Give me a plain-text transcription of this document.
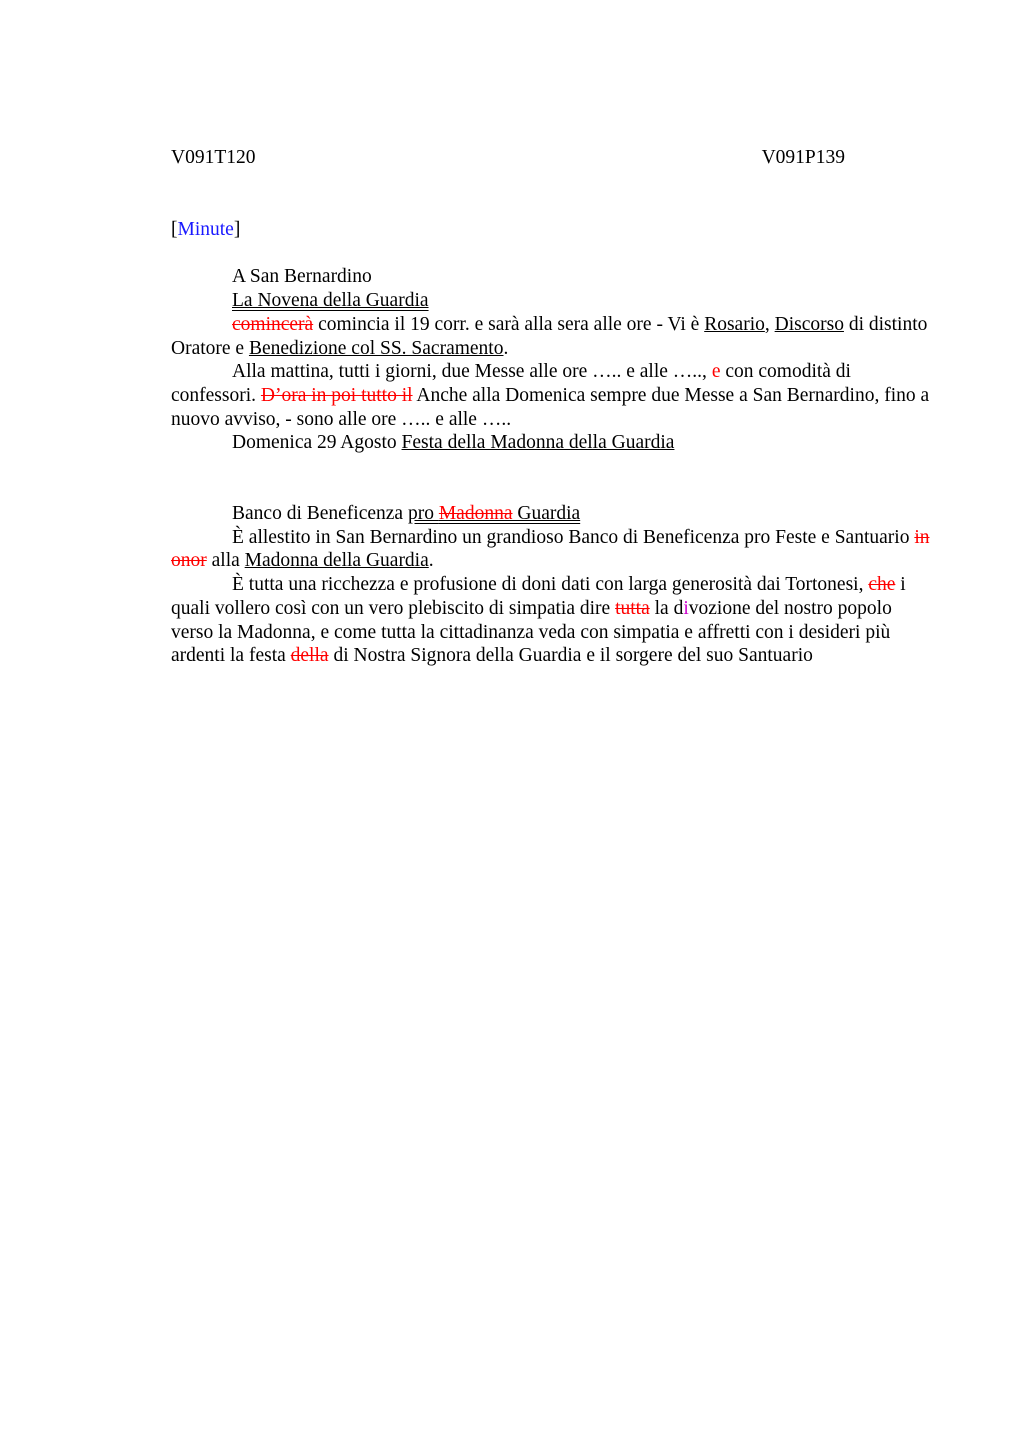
V091T120	V091P139

[Minute]

A San Bernardino

La Novena della Guardia

comincerà comincia il 19 corr. e sarà alla sera alle ore - Vi è Rosario, Discorso di distinto Oratore e Benedizione col SS. Sacramento.

Alla mattina, tutti i giorni, due Messe alle ore ….. e alle ….., e con comodità di confessori. D’ora in poi tutto il Anche alla Domenica sempre due Messe a San Bernardino, fino a nuovo avviso, - sono alle ore ….. e alle …..

Domenica 29 Agosto Festa della Madonna della Guardia

Banco di Beneficenza pro Madonna Guardia

È allestito in San Bernardino un grandioso Banco di Beneficenza pro Feste e Santuario in onor alla Madonna della Guardia.

È tutta una ricchezza e profusione di doni dati con larga generosità dai Tortonesi, che i quali vollero così con un vero plebiscito di simpatia dire tutta la divozione del nostro popolo verso la Madonna, e come tutta la cittadinanza veda con simpatia e affretti con i desideri più ardenti la festa della di Nostra Signora della Guardia e il sorgere del suo Santuario
